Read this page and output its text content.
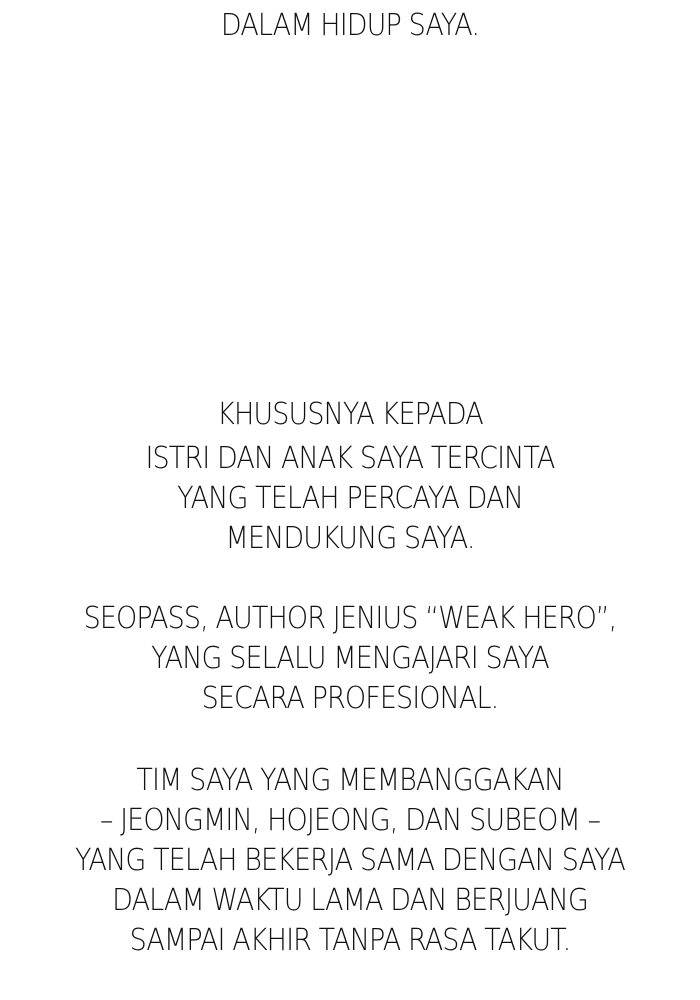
DALAM HIDUP SAYA.
KHUSUSNYA KEPADA
ISTRI DAN ANAK SAYA TERCINTA
YANG TELAH PERCAYA DAN
MENDUKUNG SAYA.
SEOPASS, AUTHOR JENIUS “WEAK HERO”,
YANG SELALU MENGAJARI SAYA
SECARA PROFESIONAL.
TIM SAYA YANG MEMBANGGAKAN
– JEONGMIN, HOJEONG, DAN SUBEOM –
YANG TELAH BEKERJA SAMA DENGAN SAYA
DALAM WAKTU LAMA DAN BERJUANG
SAMPAI AKHIR TANPA RASA TAKUT.
